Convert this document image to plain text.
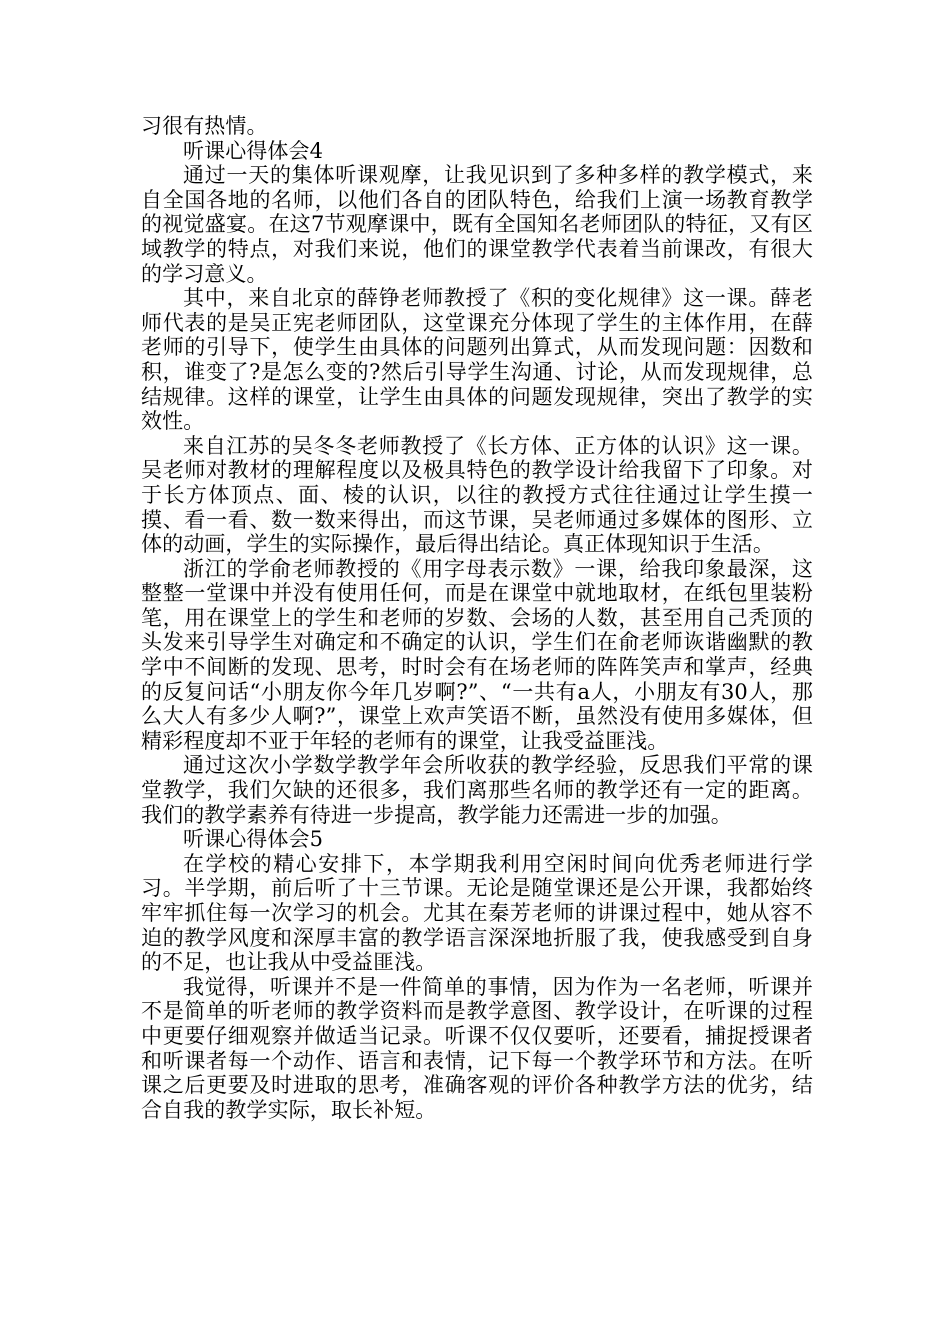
习很有热情。

听课心得体会4

通过一天的集体听课观摩，让我见识到了多种多样的教学模式，来自全国各地的名师，以他们各自的团队特色，给我们上演一场教育教学的视觉盛宴。在这7节观摩课中，既有全国知名老师团队的特征，又有区域教学的特点，对我们来说，他们的课堂教学代表着当前课改，有很大的学习意义。

其中，来自北京的薛铮老师教授了《积的变化规律》这一课。薛老师代表的是吴正宪老师团队，这堂课充分体现了学生的主体作用，在薛老师的引导下，使学生由具体的问题列出算式，从而发现问题：因数和积，谁变了?是怎么变的?然后引导学生沟通、讨论，从而发现规律，总结规律。这样的课堂，让学生由具体的问题发现规律，突出了教学的实效性。

来自江苏的吴冬冬老师教授了《长方体、正方体的认识》这一课。吴老师对教材的理解程度以及极具特色的教学设计给我留下了印象。对于长方体顶点、面、棱的认识，以往的教授方式往往通过让学生摸一摸、看一看、数一数来得出，而这节课，吴老师通过多媒体的图形、立体的动画，学生的实际操作，最后得出结论。真正体现知识于生活。

浙江的学俞老师教授的《用字母表示数》一课，给我印象最深，这整整一堂课中并没有使用任何，而是在课堂中就地取材，在纸包里装粉笔，用在课堂上的学生和老师的岁数、会场的人数，甚至用自己秃顶的头发来引导学生对确定和不确定的认识，学生们在俞老师诙谐幽默的教学中不间断的发现、思考，时时会有在场老师的阵阵笑声和掌声，经典的反复问话“小朋友你今年几岁啊?”、“一共有a人，小朋友有30人，那么大人有多少人啊?”，课堂上欢声笑语不断，虽然没有使用多媒体，但精彩程度却不亚于年轻的老师有的课堂，让我受益匪浅。

通过这次小学数学教学年会所收获的教学经验，反思我们平常的课堂教学，我们欠缺的还很多，我们离那些名师的教学还有一定的距离。我们的教学素养有待进一步提高，教学能力还需进一步的加强。

听课心得体会5

在学校的精心安排下，本学期我利用空闲时间向优秀老师进行学习。半学期，前后听了十三节课。无论是随堂课还是公开课，我都始终牢牢抓住每一次学习的机会。尤其在秦芳老师的讲课过程中，她从容不迫的教学风度和深厚丰富的教学语言深深地折服了我，使我感受到自身的不足，也让我从中受益匪浅。

我觉得，听课并不是一件简单的事情，因为作为一名老师，听课并不是简单的听老师的教学资料而是教学意图、教学设计，在听课的过程中更要仔细观察并做适当记录。听课不仅仅要听，还要看，捕捉授课者和听课者每一个动作、语言和表情，记下每一个教学环节和方法。在听课之后更要及时进取的思考，准确客观的评价各种教学方法的优劣，结合自我的教学实际，取长补短。
